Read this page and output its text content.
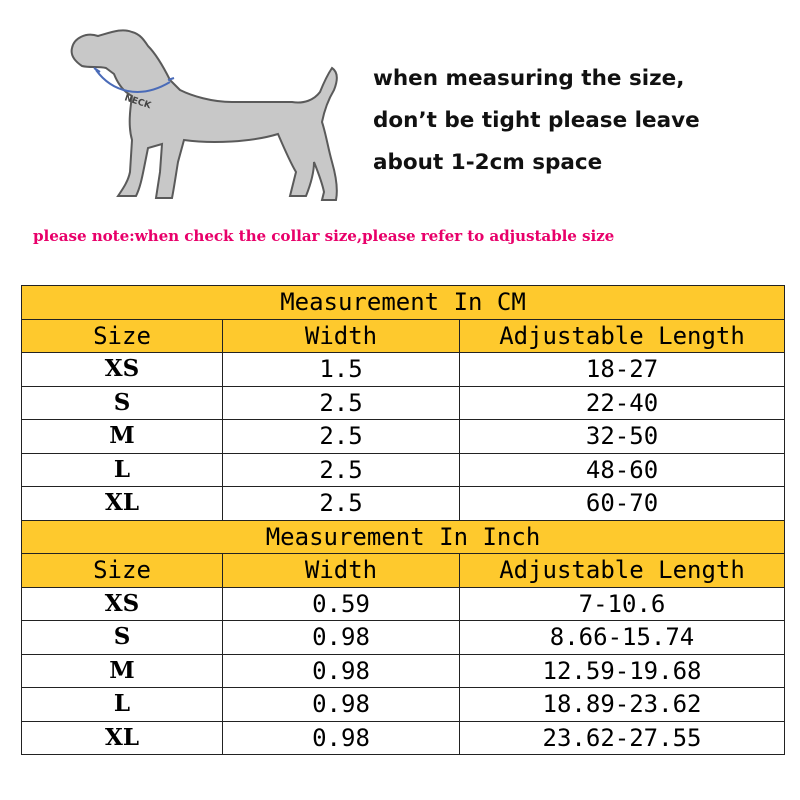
NECK
when measuring the size,
don’t be tight please leave
about 1-2cm space
please note:when check the collar size,please refer to adjustable size
Measurement In CM		
Size	Width	Adjustable Length
XS	1.5	18-27
S	2.5	22-40
M	2.5	32-50
L	2.5	48-60
XL	2.5	60-70
Measurement In Inch		
Size	Width	Adjustable Length
XS	0.59	7-10.6
S	0.98	8.66-15.74
M	0.98	12.59-19.68
L	0.98	18.89-23.62
XL	0.98	23.62-27.55
